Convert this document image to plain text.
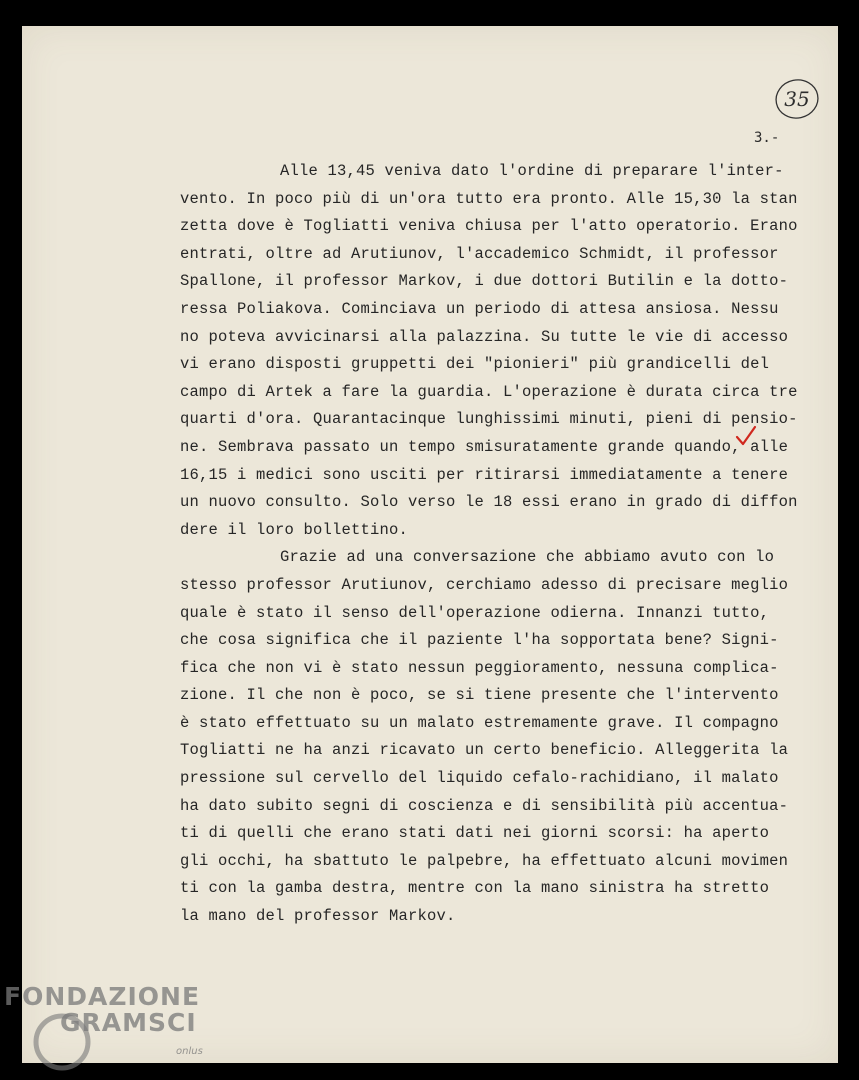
35
3.-
Alle 13,45 veniva dato l'ordine di preparare l'inter-
vento. In poco più di un'ora tutto era pronto. Alle 15,30 la stan
zetta dove è Togliatti veniva chiusa per l'atto operatorio. Erano
entrati, oltre ad Arutiunov, l'accademico Schmidt, il professor
Spallone, il professor Markov, i due dottori Butilin e la dotto-
ressa Poliakova. Cominciava un periodo di attesa ansiosa. Nessu
no poteva avvicinarsi alla palazzina. Su tutte le vie di accesso
vi erano disposti gruppetti dei "pionieri" più grandicelli del
campo di Artek a fare la guardia. L'operazione è durata circa tre
quarti d'ora. Quarantacinque lunghissimi minuti, pieni di pensio-
ne. Sembrava passato un tempo smisuratamente grande quando, alle
16,15 i medici sono usciti per ritirarsi immediatamente a tenere
un nuovo consulto. Solo verso le 18 essi erano in grado di diffon
dere il loro bollettino.
Grazie ad una conversazione che abbiamo avuto con lo
stesso professor Arutiunov, cerchiamo adesso di precisare meglio
quale è stato il senso dell'operazione odierna. Innanzi tutto,
che cosa significa che il paziente l'ha sopportata bene? Signi-
fica che non vi è stato nessun peggioramento, nessuna complica-
zione. Il che non è poco, se si tiene presente che l'intervento
è stato effettuato su un malato estremamente grave. Il compagno
Togliatti ne ha anzi ricavato un certo beneficio. Alleggerita la
pressione sul cervello del liquido cefalo-rachidiano, il malato
ha dato subito segni di coscienza e di sensibilità più accentua-
ti di quelli che erano stati dati nei giorni scorsi: ha aperto
gli occhi, ha sbattuto le palpebre, ha effettuato alcuni movimen
ti con la gamba destra, mentre con la mano sinistra ha stretto
la mano del professor Markov.
FONDAZIONE
GRAMSCI
onlus
